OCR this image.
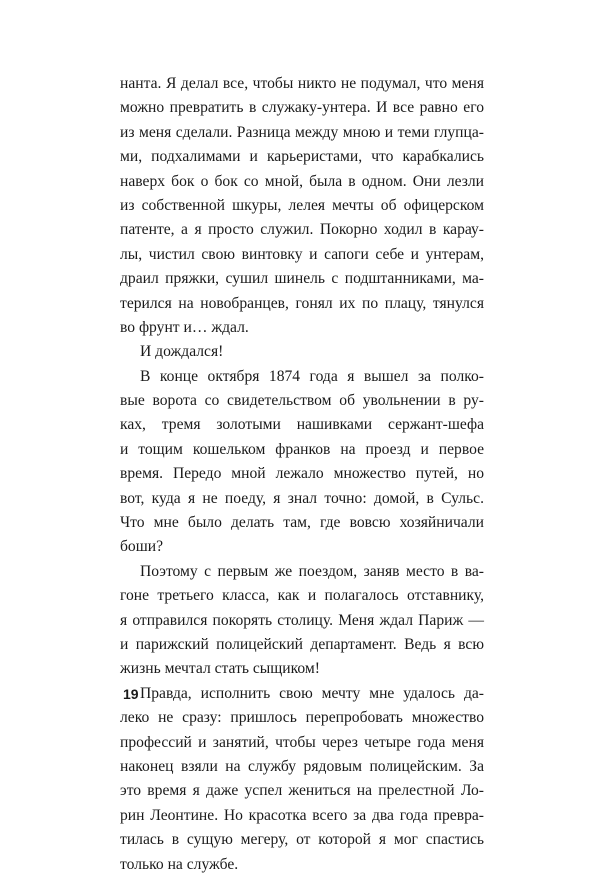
нанта. Я делал все, чтобы никто не подумал, что меня
можно превратить в служаку-унтера. И все равно его
из меня сделали. Разница между мною и теми глупца-
ми, подхалимами и карьеристами, что карабкались
наверх бок о бок со мной, была в одном. Они лезли
из собственной шкуры, лелея мечты об офицерском
патенте, а я просто служил. Покорно ходил в карау-
лы, чистил свою винтовку и сапоги себе и унтерам,
драил пряжки, сушил шинель с подштанниками, ма-
терился на новобранцев, гонял их по плацу, тянулся
во фрунт и… ждал.
И дождался!
В конце октября 1874 года я вышел за полко-
вые ворота со свидетельством об увольнении в ру-
ках, тремя золотыми нашивками сержант-шефа
и тощим кошельком франков на проезд и первое
время. Передо мной лежало множество путей, но
вот, куда я не поеду, я знал точно: домой, в Сульс.
Что мне было делать там, где вовсю хозяйничали
боши?
Поэтому с первым же поездом, заняв место в ва-
гоне третьего класса, как и полагалось отставнику,
я отправился покорять столицу. Меня ждал Париж —
и парижский полицейский департамент. Ведь я всю
жизнь мечтал стать сыщиком!
Правда, исполнить свою мечту мне удалось да-
леко не сразу: пришлось перепробовать множество
профессий и занятий, чтобы через четыре года меня
наконец взяли на службу рядовым полицейским. За
это время я даже успел жениться на прелестной Ло-
рин Леонтине. Но красотка всего за два года превра-
тилась в сущую мегеру, от которой я мог спастись
только на службе.
19
